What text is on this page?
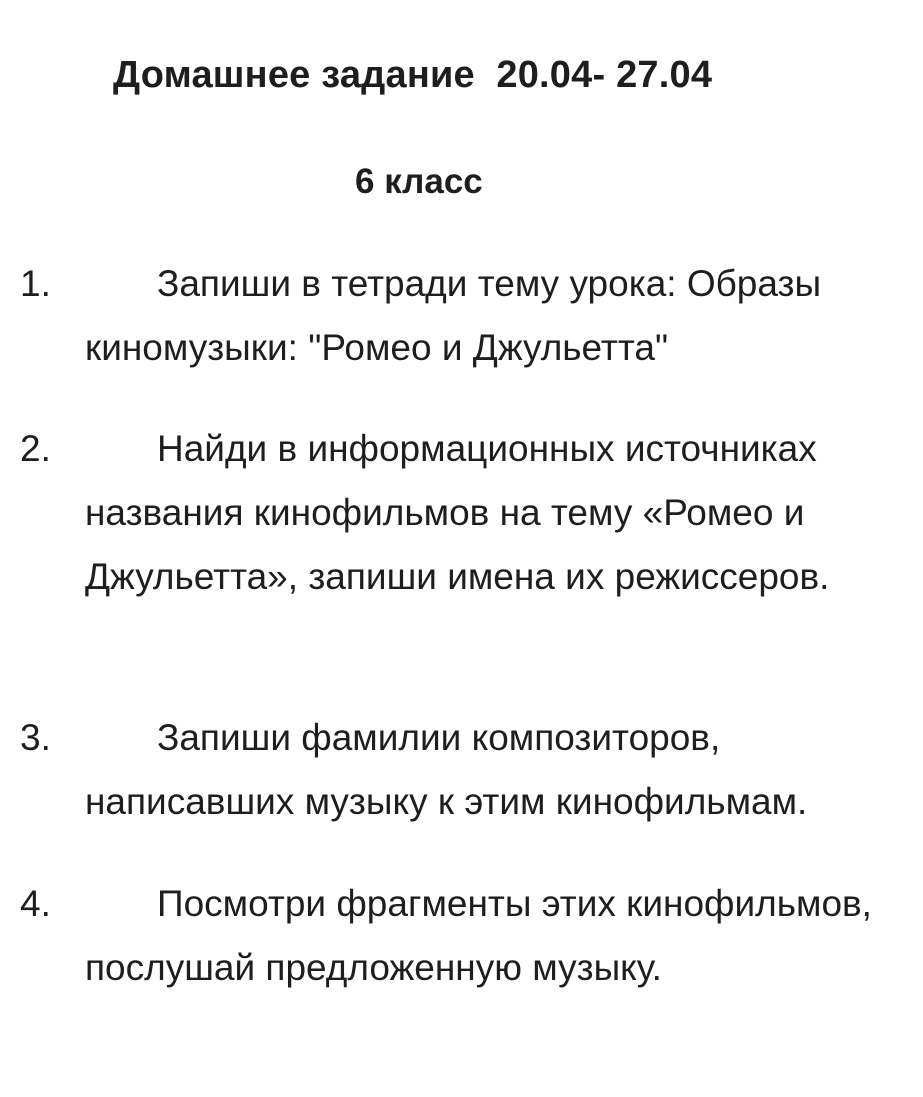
Домашнее задание  20.04- 27.04
6 класс
1.	Запиши в тетради тему урока: Образы киномузыки: "Ромео и Джульетта"
2.	Найди в информационных источниках названия кинофильмов на тему «Ромео и Джульетта», запиши имена их режиссеров.
3.	Запиши фамилии композиторов, написавших музыку к этим кинофильмам.
4.	Посмотри фрагменты этих кинофильмов, послушай предложенную музыку.
